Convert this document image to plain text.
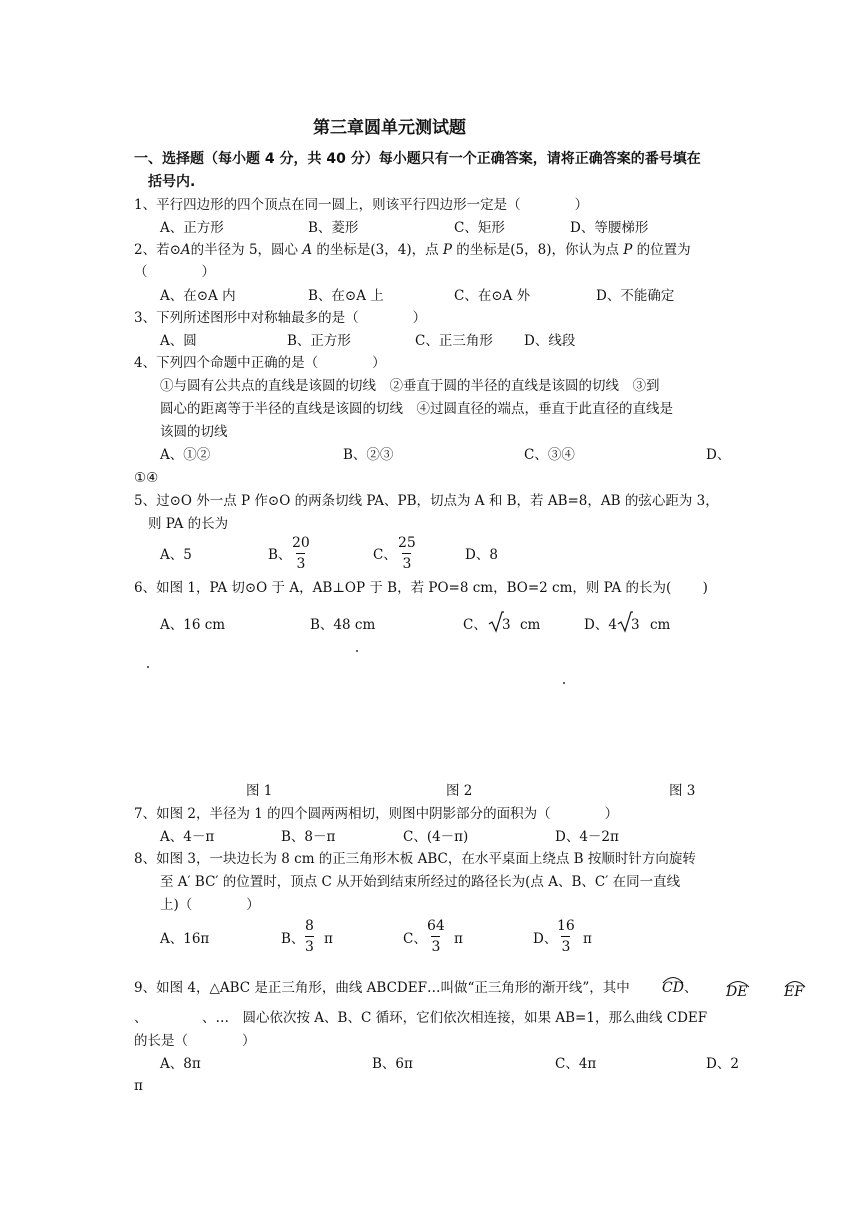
第三章圆单元测试题
一、选择题（每小题 4 分，共 40 分）每小题只有一个正确答案，请将正确答案的番号填在
括号内.
1、平行四边形的四个顶点在同一圆上，则该平行四边形一定是（　　　　）
A、正方形	B、菱形	C、矩形	D、等腰梯形
2、若⊙A的半径为 5，圆心 A 的坐标是(3，4)，点 P 的坐标是(5，8)，你认为点 P 的位置为
（　　　　）
A、在⊙A 内	B、在⊙A 上	C、在⊙A 外	D、不能确定
3、下列所述图形中对称轴最多的是（　　　　）
A、圆	B、正方形	C、正三角形 D、线段
4、下列四个命题中正确的是（　　　　）
①与圆有公共点的直线是该圆的切线　②垂直于圆的半径的直线是该圆的切线　③到
圆心的距离等于半径的直线是该圆的切线　④过圆直径的端点，垂直于此直径的直线是
该圆的切线
A、①②	B、②③	C、③④	D、
①④
5、过⊙O 外一点 P 作⊙O 的两条切线 PA、PB，切点为 A 和 B，若 AB=8，AB 的弦心距为 3，
则 PA 的长为
A、5	B、
$\frac{20}{3}$	C、 $\frac{25}{3}$	D、8
6、如图 1，PA 切⊙O 于 A，AB⊥OP 于 B，若 PO=8 cm，BO=2 cm，则 PA 的长为(　　 )
A、16 cm	B、48 cm	C、 3 cm	D、4 3 cm
图 1	图 2	图 3
7、如图 2，半径为 1 的四个圆两两相切，则图中阴影部分的面积为（　　　　）
A、4－π	B、8－π	C、(4－π)	D、4－2π
8、如图 3，一块边长为 8 cm 的正三角形木板 ABC，在水平桌面上绕点 B 按顺时针方向旋转
至 A′ BC′ 的位置时，顶点 C 从开始到结束所经过的路径长为(点 A、B、C′ 在同一直线
上)（　　　　）
A、16π	B、
$\frac{8}{3}$ π	C、
$\frac{64}{3}$ π	D、
$\frac{16}{3}$ π
9、如图 4，△ABC 是正三角形，曲线 ABCDEF…叫做“正三角形的渐开线”，其中 CD 、 DE	EF
、	、…　圆心依次按 A、B、C 循环，它们依次相连接，如果 AB=1，那么曲线 CDEF
的长是（　　　　）
A、8π	B、6π	C、4π	D、2
π
